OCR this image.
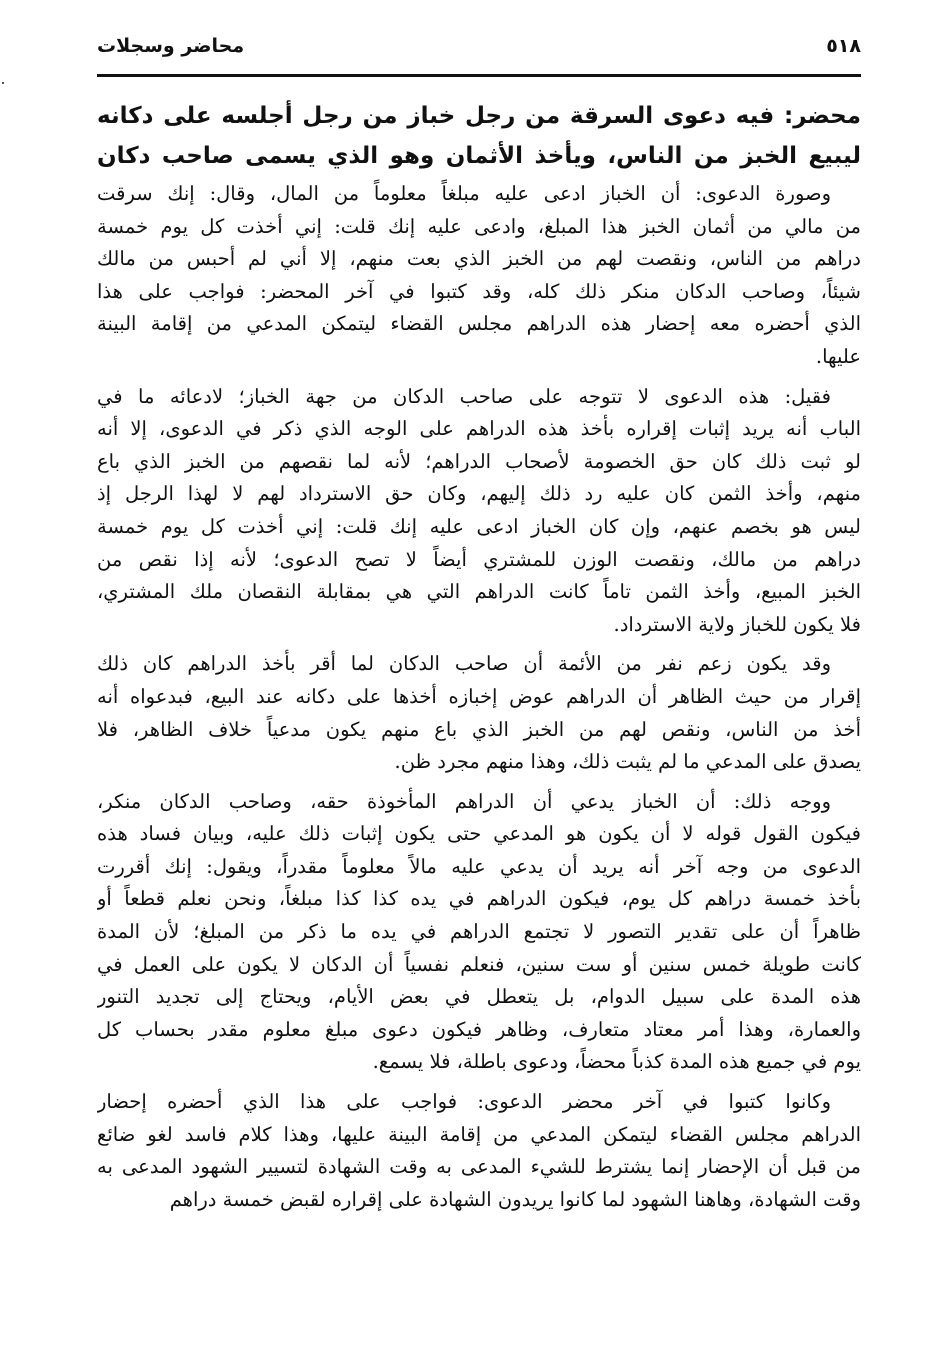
٥١٨
محاضر وسجلات
محضر: فيه دعوى السرقة من رجل خباز من رجل أجلسه على دكانه
ليبيع الخبز من الناس، ويأخذ الأثمان وهو الذي يسمى صاحب دكان
وصورة الدعوى: أن الخباز ادعى عليه مبلغاً معلوماً من المال، وقال: إنك سرقت
من مالي من أثمان الخبز هذا المبلغ، وادعى عليه إنك قلت: إني أخذت كل يوم خمسة
دراهم من الناس، ونقصت لهم من الخبز الذي بعت منهم، إلا أني لم أحبس من مالك
شيئاً، وصاحب الدكان منكر ذلك كله، وقد كتبوا في آخر المحضر: فواجب على هذا
الذي أحضره معه إحضار هذه الدراهم مجلس القضاء ليتمكن المدعي من إقامة البينة
عليها.
فقيل: هذه الدعوى لا تتوجه على صاحب الدكان من جهة الخباز؛ لادعائه ما في
الباب أنه يريد إثبات إقراره بأخذ هذه الدراهم على الوجه الذي ذكر في الدعوى، إلا أنه
لو ثبت ذلك كان حق الخصومة لأصحاب الدراهم؛ لأنه لما نقصهم من الخبز الذي باع
منهم، وأخذ الثمن كان عليه رد ذلك إليهم، وكان حق الاسترداد لهم لا لهذا الرجل إذ
ليس هو بخصم عنهم، وإن كان الخباز ادعى عليه إنك قلت: إني أخذت كل يوم خمسة
دراهم من مالك، ونقصت الوزن للمشتري أيضاً لا تصح الدعوى؛ لأنه إذا نقص من
الخبز المبيع، وأخذ الثمن تاماً كانت الدراهم التي هي بمقابلة النقصان ملك المشتري،
فلا يكون للخباز ولاية الاسترداد.
وقد يكون زعم نفر من الأئمة أن صاحب الدكان لما أقر بأخذ الدراهم كان ذلك
إقرار من حيث الظاهر أن الدراهم عوض إخبازه أخذها على دكانه عند البيع، فبدعواه أنه
أخذ من الناس، ونقص لهم من الخبز الذي باع منهم يكون مدعياً خلاف الظاهر، فلا
يصدق على المدعي ما لم يثبت ذلك، وهذا منهم مجرد ظن.
ووجه ذلك: أن الخباز يدعي أن الدراهم المأخوذة حقه، وصاحب الدكان منكر،
فيكون القول قوله لا أن يكون هو المدعي حتى يكون إثبات ذلك عليه، وبيان فساد هذه
الدعوى من وجه آخر أنه يريد أن يدعي عليه مالاً معلوماً مقدراً، ويقول: إنك أقررت
بأخذ خمسة دراهم كل يوم، فيكون الدراهم في يده كذا كذا مبلغاً، ونحن نعلم قطعاً أو
ظاهراً أن على تقدير التصور لا تجتمع الدراهم في يده ما ذكر من المبلغ؛ لأن المدة
كانت طويلة خمس سنين أو ست سنين، فنعلم نفسياً أن الدكان لا يكون على العمل في
هذه المدة على سبيل الدوام، بل يتعطل في بعض الأيام، ويحتاج إلى تجديد التنور
والعمارة، وهذا أمر معتاد متعارف، وظاهر فيكون دعوى مبلغ معلوم مقدر بحساب كل
يوم في جميع هذه المدة كذباً محضاً، ودعوى باطلة، فلا يسمع.
وكانوا كتبوا في آخر محضر الدعوى: فواجب على هذا الذي أحضره إحضار
الدراهم مجلس القضاء ليتمكن المدعي من إقامة البينة عليها، وهذا كلام فاسد لغو ضائع
من قبل أن الإحضار إنما يشترط للشيء المدعى به وقت الشهادة لتسيير الشهود المدعى به
وقت الشهادة، وهاهنا الشهود لما كانوا يريدون الشهادة على إقراره لقبض خمسة دراهم
